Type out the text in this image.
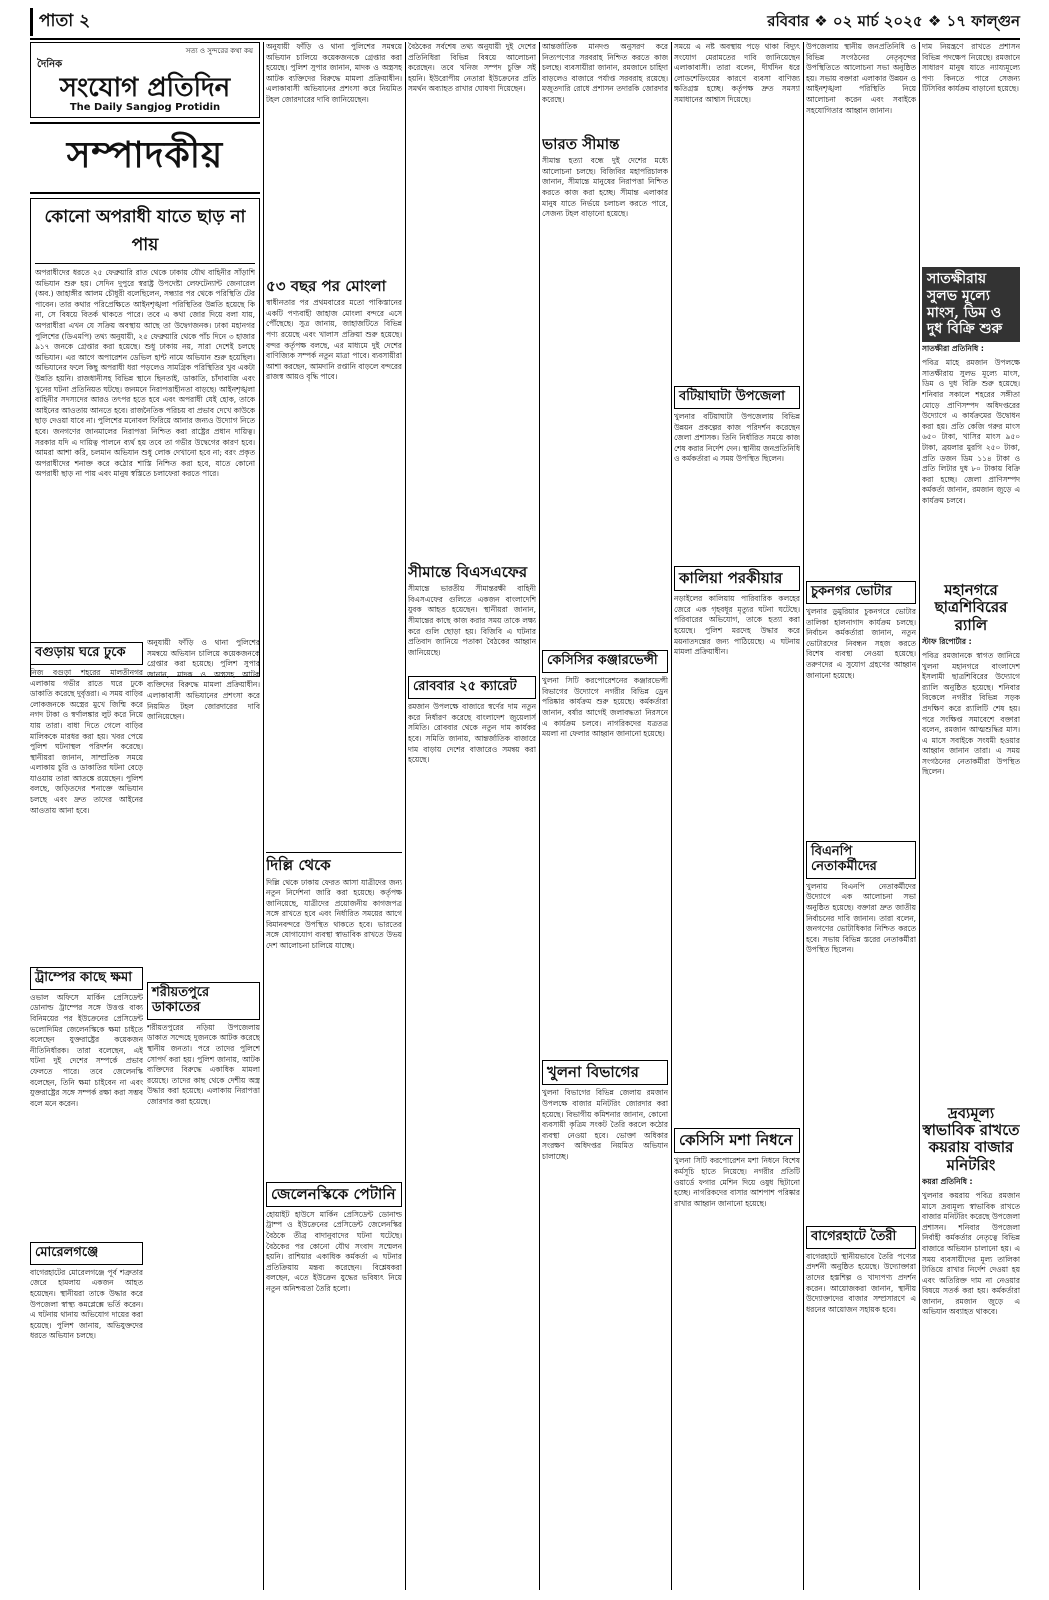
পাতা ২	রবিবার ❖ ০২ মার্চ ২০২৫ ❖ ১৭ ফাল্গুন
সত্য ও সুন্দরের কথা কয়
দৈনিক
সংযোগ প্রতিদিন
The Daily Sangjog Protidin
সম্পাদকীয়
কোনো অপরাধী যাতে ছাড় না পায়

অপরাধীদের ধরতে ২৫ ফেব্রুয়ারি রাত থেকে ঢাকায় যৌথ বাহিনীর সাঁড়াশি অভিযান শুরু হয়। সেদিন দুপুরে স্বরাষ্ট্র উপদেষ্টা লেফটেন্যান্ট জেনারেল (অব.) জাহাঙ্গীর আলম চৌধুরী বলেছিলেন, সন্ধ্যার পর থেকে পরিস্থিতি টের পাবেন। তার কথার পরিপ্রেক্ষিতে আইনশৃঙ্খলা পরিস্থিতির উন্নতি হয়েছে কি না, সে বিষয়ে বিতর্ক থাকতে পারে। তবে এ কথা জোর দিয়ে বলা যায়, অপরাধীরা এখন যে সক্রিয় অবস্থায় আছে তা উদ্বেগজনক। ঢাকা মহানগর পুলিশের (ডিএমপি) তথ্য অনুযায়ী, ২৫ ফেব্রুয়ারি থেকে পাঁচ দিনে ৩ হাজার ৯১৭ জনকে গ্রেপ্তার করা হয়েছে। শুধু ঢাকায় নয়, সারা দেশেই চলছে অভিযান। এর আগে অপারেশন ডেভিল হান্ট নামে অভিযান শুরু হয়েছিল। অভিযানের ফলে কিছু অপরাধী ধরা পড়লেও সামগ্রিক পরিস্থিতির খুব একটা উন্নতি হয়নি। রাজধানীসহ বিভিন্ন স্থানে ছিনতাই, ডাকাতি, চাঁদাবাজি এবং খুনের ঘটনা প্রতিনিয়ত ঘটছে। জনমনে নিরাপত্তাহীনতা বাড়ছে। আইনশৃঙ্খলা বাহিনীর সদস্যদের আরও তৎপর হতে হবে এবং অপরাধী যেই হোক, তাকে আইনের আওতায় আনতে হবে। রাজনৈতিক পরিচয় বা প্রভাব দেখে কাউকে ছাড় দেওয়া যাবে না। পুলিশের মনোবল ফিরিয়ে আনার জন্যও উদ্যোগ নিতে হবে। জনগণের জানমালের নিরাপত্তা নিশ্চিত করা রাষ্ট্রের প্রধান দায়িত্ব। সরকার যদি এ দায়িত্ব পালনে ব্যর্থ হয় তবে তা গভীর উদ্বেগের কারণ হবে। আমরা আশা করি, চলমান অভিযান শুধু লোক দেখানো হবে না; বরং প্রকৃত অপরাধীদের শনাক্ত করে কঠোর শাস্তি নিশ্চিত করা হবে, যাতে কোনো অপরাধী ছাড় না পায় এবং মানুষ স্বস্তিতে চলাফেরা করতে পারে।

বগুড়ায় ঘরে ঢুকে

নিজ বগুড়া শহরের মালতীনগর এলাকায় গভীর রাতে ঘরে ঢুকে ডাকাতি করেছে দুর্বৃত্তরা। এ সময় বাড়ির লোকজনকে অস্ত্রের মুখে জিম্মি করে নগদ টাকা ও স্বর্ণালঙ্কার লুট করে নিয়ে যায় তারা। বাধা দিতে গেলে বাড়ির মালিককে মারধর করা হয়। খবর পেয়ে পুলিশ ঘটনাস্থল পরিদর্শন করেছে। স্থানীয়রা জানান, সাম্প্রতিক সময়ে এলাকায় চুরি ও ডাকাতির ঘটনা বেড়ে যাওয়ায় তারা আতঙ্কে রয়েছেন। পুলিশ বলছে, জড়িতদের শনাক্তে অভিযান চলছে এবং দ্রুত তাদের আইনের আওতায় আনা হবে।

ট্রাম্পের কাছে ক্ষমা

ওভাল অফিসে মার্কিন প্রেসিডেন্ট ডোনাল্ড ট্রাম্পের সঙ্গে উত্তপ্ত বাক্য বিনিময়ের পর ইউক্রেনের প্রেসিডেন্ট ভলোদিমির জেলেনস্কিকে ক্ষমা চাইতে বলেছেন যুক্তরাষ্ট্রের কয়েকজন নীতিনির্ধারক। তারা বলেছেন, এই ঘটনা দুই দেশের সম্পর্কে প্রভাব ফেলতে পারে। তবে জেলেনস্কি বলেছেন, তিনি ক্ষমা চাইবেন না এবং যুক্তরাষ্ট্রের সঙ্গে সম্পর্ক রক্ষা করা সম্ভব বলে মনে করেন।

মোরেলগঞ্জে

বাগেরহাটের মোরেলগঞ্জে পূর্ব শত্রুতার জেরে হামলায় একজন আহত হয়েছেন। স্থানীয়রা তাকে উদ্ধার করে উপজেলা স্বাস্থ্য কমপ্লেক্সে ভর্তি করেন। এ ঘটনায় থানায় অভিযোগ দায়ের করা হয়েছে। পুলিশ জানায়, অভিযুক্তদের ধরতে অভিযান চলছে।

অনুযায়ী ফাঁড়ি ও থানা পুলিশের সমন্বয়ে অভিযান চালিয়ে কয়েকজনকে গ্রেপ্তার করা হয়েছে। পুলিশ সুপার জানান, মাদক ও অস্ত্রসহ আটক ব্যক্তিদের বিরুদ্ধে মামলা প্রক্রিয়াধীন। এলাকাবাসী অভিযানের প্রশংসা করে নিয়মিত টহল জোরদারের দাবি জানিয়েছেন।

শরীয়তপুরে ডাকাতের

শরীয়তপুরের নড়িয়া উপজেলায় ডাকাত সন্দেহে দুজনকে আটক করেছে স্থানীয় জনতা। পরে তাদের পুলিশে সোপর্দ করা হয়। পুলিশ জানায়, আটক ব্যক্তিদের বিরুদ্ধে একাধিক মামলা রয়েছে। তাদের কাছ থেকে দেশীয় অস্ত্র উদ্ধার করা হয়েছে। এলাকায় নিরাপত্তা জোরদার করা হয়েছে।

অনুযায়ী ফাঁড়ি ও থানা পুলিশের সমন্বয়ে অভিযান চালিয়ে কয়েকজনকে গ্রেপ্তার করা হয়েছে। পুলিশ সুপার জানান, মাদক ও অস্ত্রসহ আটক ব্যক্তিদের বিরুদ্ধে মামলা প্রক্রিয়াধীন। এলাকাবাসী অভিযানের প্রশংসা করে নিয়মিত টহল জোরদারের দাবি জানিয়েছেন।

৫৩ বছর পর মোংলা

স্বাধীনতার পর প্রথমবারের মতো পাকিস্তানের একটি পণ্যবাহী জাহাজ মোংলা বন্দরে এসে পৌঁছেছে। সুত্র জানায়, জাহাজটিতে বিভিন্ন পণ্য রয়েছে এবং খালাস প্রক্রিয়া শুরু হয়েছে। বন্দর কর্তৃপক্ষ বলছে, এর মাধ্যমে দুই দেশের বাণিজ্যিক সম্পর্ক নতুন মাত্রা পাবে। ব্যবসায়ীরা আশা করছেন, আমদানি রপ্তানি বাড়লে বন্দরের রাজস্ব আয়ও বৃদ্ধি পাবে।

দিল্লি থেকে

দিল্লি থেকে ঢাকায় ফেরত আসা যাত্রীদের জন্য নতুন নির্দেশনা জারি করা হয়েছে। কর্তৃপক্ষ জানিয়েছে, যাত্রীদের প্রয়োজনীয় কাগজপত্র সঙ্গে রাখতে হবে এবং নির্ধারিত সময়ের আগে বিমানবন্দরে উপস্থিত থাকতে হবে। ভারতের সঙ্গে যোগাযোগ ব্যবস্থা স্বাভাবিক রাখতে উভয় দেশ আলোচনা চালিয়ে যাচ্ছে।

জেলেনস্কিকে পেটানি

হোয়াইট হাউসে মার্কিন প্রেসিডেন্ট ডোনাল্ড ট্রাম্প ও ইউক্রেনের প্রেসিডেন্ট জেলেনস্কির বৈঠকে তীব্র বাদানুবাদের ঘটনা ঘটেছে। বৈঠকের পর কোনো যৌথ সংবাদ সম্মেলন হয়নি। রাশিয়ার একাধিক কর্মকর্তা এ ঘটনার প্রতিক্রিয়ায় মন্তব্য করেছেন। বিশ্লেষকরা বলছেন, এতে ইউক্রেন যুদ্ধের ভবিষ্যৎ নিয়ে নতুন অনিশ্চয়তা তৈরি হলো।

বৈঠকের সর্বশেষ তথ্য অনুযায়ী দুই দেশের প্রতিনিধিরা বিভিন্ন বিষয়ে আলোচনা করেছেন। তবে খনিজ সম্পদ চুক্তি সই হয়নি। ইউরোপীয় নেতারা ইউক্রেনের প্রতি সমর্থন অব্যাহত রাখার ঘোষণা দিয়েছেন।

সীমান্তে বিএসএফের

সীমান্তে ভারতীয় সীমান্তরক্ষী বাহিনী বিএসএফের গুলিতে একজন বাংলাদেশি যুবক আহত হয়েছেন। স্থানীয়রা জানান, সীমান্তের কাছে কাজ করার সময় তাকে লক্ষ্য করে গুলি ছোড়া হয়। বিজিবি এ ঘটনার প্রতিবাদ জানিয়ে পতাকা বৈঠকের আহ্বান জানিয়েছে।

রোববার ২৫ ক্যারেট

রমজান উপলক্ষে বাজারে স্বর্ণের দাম নতুন করে নির্ধারণ করেছে বাংলাদেশ জুয়েলার্স সমিতি। রোববার থেকে নতুন দাম কার্যকর হবে। সমিতি জানায়, আন্তর্জাতিক বাজারে দাম বাড়ায় দেশের বাজারেও সমন্বয় করা হয়েছে।

আন্তর্জাতিক মানদণ্ড অনুসরণ করে নিত্যপণ্যের সরবরাহ নিশ্চিত করতে কাজ চলছে। ব্যবসায়ীরা জানান, রমজানে চাহিদা বাড়লেও বাজারে পর্যাপ্ত সরবরাহ রয়েছে। মজুতদারি রোধে প্রশাসন তদারকি জোরদার করেছে।

ভারত সীমান্ত

সীমান্ত হত্যা বন্ধে দুই দেশের মধ্যে আলোচনা চলছে। বিজিবির মহাপরিচালক জানান, সীমান্তে মানুষের নিরাপত্তা নিশ্চিত করতে কাজ করা হচ্ছে। সীমান্ত এলাকার মানুষ যাতে নির্ভয়ে চলাচল করতে পারে, সেজন্য টহল বাড়ানো হয়েছে।

কেসিসির কঞ্জারভেন্সী

খুলনা সিটি করপোরেশনের কঞ্জারভেন্সী বিভাগের উদ্যোগে নগরীর বিভিন্ন ড্রেন পরিষ্কার কার্যক্রম শুরু হয়েছে। কর্মকর্তারা জানান, বর্ষার আগেই জলাবদ্ধতা নিরসনে এ কার্যক্রম চলবে। নাগরিকদের যত্রতত্র ময়লা না ফেলার আহ্বান জানানো হয়েছে।

খুলনা বিভাগের

খুলনা বিভাগের বিভিন্ন জেলায় রমজান উপলক্ষে বাজার মনিটরিং জোরদার করা হয়েছে। বিভাগীয় কমিশনার জানান, কোনো ব্যবসায়ী কৃত্রিম সংকট তৈরি করলে কঠোর ব্যবস্থা নেওয়া হবে। ভোক্তা অধিকার সংরক্ষণ অধিদপ্তর নিয়মিত অভিযান চালাচ্ছে।

সময়ে এ নষ্ট অবস্থায় পড়ে থাকা বিদ্যুৎ সংযোগ মেরামতের দাবি জানিয়েছেন এলাকাবাসী। তারা বলেন, দীর্ঘদিন ধরে লোডশেডিংয়ের কারণে ব্যবসা বাণিজ্য ক্ষতিগ্রস্ত হচ্ছে। কর্তৃপক্ষ দ্রুত সমস্যা সমাধানের আশ্বাস দিয়েছে।

বটিয়াঘাটা উপজেলা

খুলনার বটিয়াঘাটা উপজেলায় বিভিন্ন উন্নয়ন প্রকল্পের কাজ পরিদর্শন করেছেন জেলা প্রশাসক। তিনি নির্ধারিত সময়ে কাজ শেষ করার নির্দেশ দেন। স্থানীয় জনপ্রতিনিধি ও কর্মকর্তারা এ সময় উপস্থিত ছিলেন।

কালিয়া পরকীয়ার

নড়াইলের কালিয়ায় পারিবারিক কলহের জেরে এক গৃহবধূর মৃত্যুর ঘটনা ঘটেছে। পরিবারের অভিযোগ, তাকে হত্যা করা হয়েছে। পুলিশ মরদেহ উদ্ধার করে ময়নাতদন্তের জন্য পাঠিয়েছে। এ ঘটনায় মামলা প্রক্রিয়াধীন।

কেসিসি মশা নিধনে

খুলনা সিটি করপোরেশন মশা নিধনে বিশেষ কর্মসূচি হাতে নিয়েছে। নগরীর প্রতিটি ওয়ার্ডে ফগার মেশিন দিয়ে ওষুধ ছিটানো হচ্ছে। নাগরিকদের বাসার আশপাশ পরিষ্কার রাখার আহ্বান জানানো হয়েছে।

উপজেলায় স্থানীয় জনপ্রতিনিধি ও বিভিন্ন সংগঠনের নেতৃবৃন্দের উপস্থিতিতে আলোচনা সভা অনুষ্ঠিত হয়। সভায় বক্তারা এলাকার উন্নয়ন ও আইনশৃঙ্খলা পরিস্থিতি নিয়ে আলোচনা করেন এবং সবাইকে সহযোগিতার আহ্বান জানান।

চুকনগর ভোটার

খুলনার ডুমুরিয়ার চুকনগরে ভোটার তালিকা হালনাগাদ কার্যক্রম চলছে। নির্বাচন কর্মকর্তারা জানান, নতুন ভোটারদের নিবন্ধন সহজ করতে বিশেষ ব্যবস্থা নেওয়া হয়েছে। তরুণদের এ সুযোগ গ্রহণের আহ্বান জানানো হয়েছে।

বিএনপি নেতাকর্মীদের

খুলনায় বিএনপি নেতাকর্মীদের উদ্যোগে এক আলোচনা সভা অনুষ্ঠিত হয়েছে। বক্তারা দ্রুত জাতীয় নির্বাচনের দাবি জানান। তারা বলেন, জনগণের ভোটাধিকার নিশ্চিত করতে হবে। সভায় বিভিন্ন স্তরের নেতাকর্মীরা উপস্থিত ছিলেন।

বাগেরহাটে তৈরী

বাগেরহাটে স্থানীয়ভাবে তৈরি পণ্যের প্রদর্শনী অনুষ্ঠিত হয়েছে। উদ্যোক্তারা তাদের হস্তশিল্প ও খাদ্যপণ্য প্রদর্শন করেন। আয়োজকরা জানান, স্থানীয় উদ্যোক্তাদের বাজার সম্প্রসারণে এ ধরনের আয়োজন সহায়ক হবে।

দাম নিয়ন্ত্রণে রাখতে প্রশাসন বিভিন্ন পদক্ষেপ নিয়েছে। রমজানে সাধারণ মানুষ যাতে ন্যায্যমূল্যে পণ্য কিনতে পারে সেজন্য টিসিবির কার্যক্রম বাড়ানো হয়েছে।

সাতক্ষীরায় সুলভ মূল্যে মাংস, ডিম ও দুধ বিক্রি শুরু
সাতক্ষীরা প্রতিনিধি :

পবিত্র মাহে রমজান উপলক্ষে সাতক্ষীরায় সুলভ মূল্যে মাংস, ডিম ও দুধ বিক্রি শুরু হয়েছে। শনিবার সকালে শহরের সঙ্গীতা মোড়ে প্রাণিসম্পদ অধিদপ্তরের উদ্যোগে এ কার্যক্রমের উদ্বোধন করা হয়। প্রতি কেজি গরুর মাংস ৬৫০ টাকা, খাসির মাংস ৯৫০ টাকা, ব্রয়লার মুরগি ২৫০ টাকা, প্রতি ডজন ডিম ১১৪ টাকা ও প্রতি লিটার দুধ ৮০ টাকায় বিক্রি করা হচ্ছে। জেলা প্রাণিসম্পদ কর্মকর্তা জানান, রমজান জুড়ে এ কার্যক্রম চলবে।

মহানগরে ছাত্রশিবিরের র‍্যালি
স্টাফ রিপোর্টার :

পবিত্র রমজানকে স্বাগত জানিয়ে খুলনা মহানগরে বাংলাদেশ ইসলামী ছাত্রশিবিরের উদ্যোগে র‍্যালি অনুষ্ঠিত হয়েছে। শনিবার বিকেলে নগরীর বিভিন্ন সড়ক প্রদক্ষিণ করে র‍্যালিটি শেষ হয়। পরে সংক্ষিপ্ত সমাবেশে বক্তারা বলেন, রমজান আত্মশুদ্ধির মাস। এ মাসে সবাইকে সংযমী হওয়ার আহ্বান জানান তারা। এ সময় সংগঠনের নেতাকর্মীরা উপস্থিত ছিলেন।

দ্রব্যমূল্য স্বাভাবিক রাখতে কয়রায় বাজার মনিটরিং
কয়রা প্রতিনিধি :

খুলনার কয়রায় পবিত্র রমজান মাসে দ্রব্যমূল্য স্বাভাবিক রাখতে বাজার মনিটরিং করেছে উপজেলা প্রশাসন। শনিবার উপজেলা নির্বাহী কর্মকর্তার নেতৃত্বে বিভিন্ন বাজারে অভিযান চালানো হয়। এ সময় ব্যবসায়ীদের মূল্য তালিকা টাঙিয়ে রাখার নির্দেশ দেওয়া হয় এবং অতিরিক্ত দাম না নেওয়ার বিষয়ে সতর্ক করা হয়। কর্মকর্তারা জানান, রমজান জুড়ে এ অভিযান অব্যাহত থাকবে।
